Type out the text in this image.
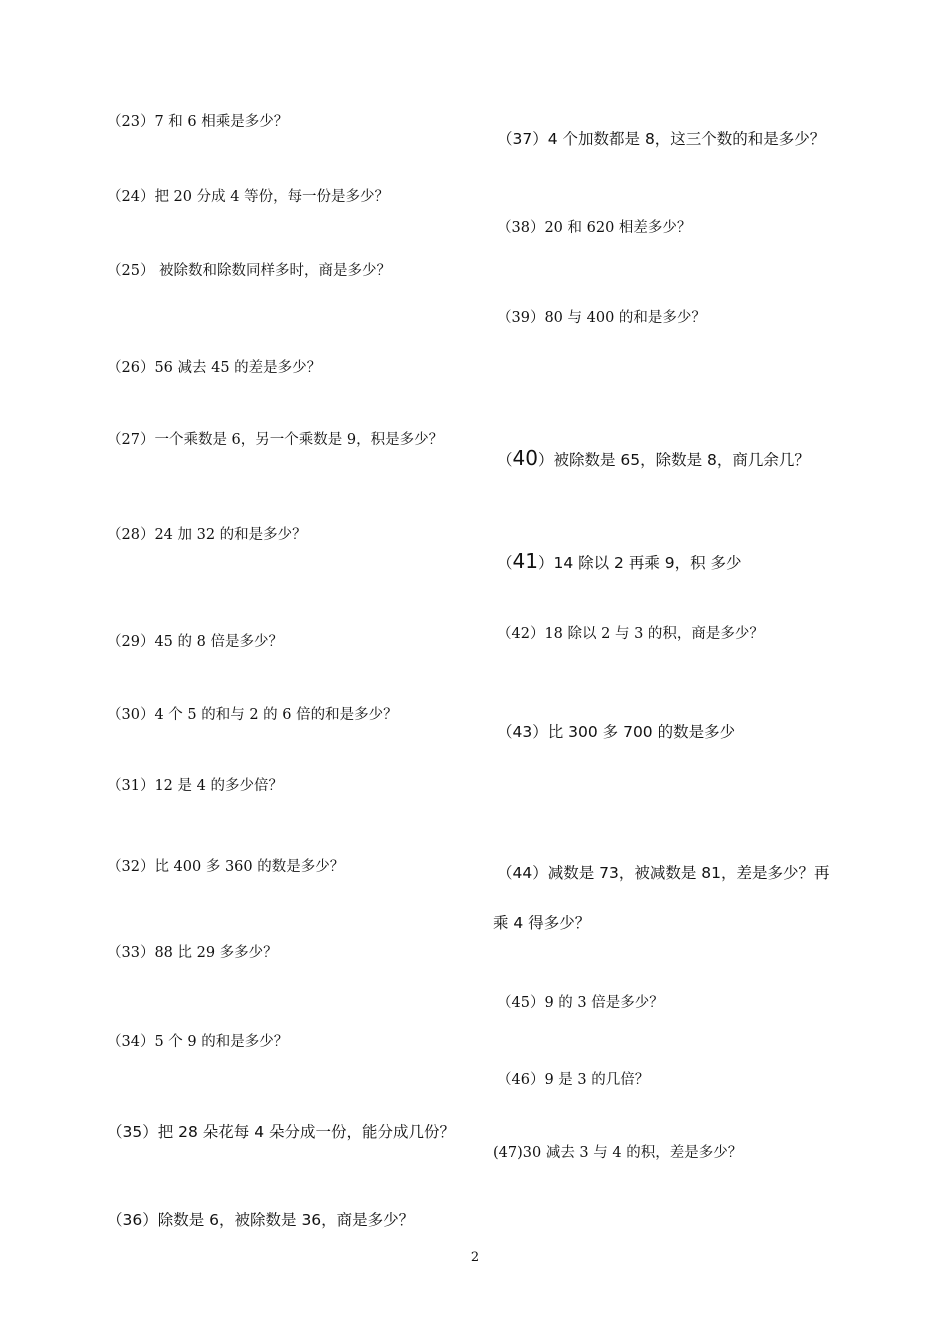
（23）7 和 6 相乘是多少？
（24）把 20 分成 4 等份，每一份是多少？
（25） 被除数和除数同样多时，商是多少？
（26）56 减去 45 的差是多少？
（27）一个乘数是 6，另一个乘数是 9，积是多少？
（28）24 加 32 的和是多少？
（29）45 的 8 倍是多少？
（30）4 个 5 的和与 2 的 6 倍的和是多少？
（31）12 是 4 的多少倍？
（32）比 400 多 360 的数是多少？
（33）88 比 29 多多少？
（34）5 个 9 的和是多少？
（35）把 28 朵花每 4 朵分成一份，能分成几份？
（36）除数是 6，被除数是 36，商是多少？
（37）4 个加数都是 8，这三个数的和是多少？
（38）20 和 620 相差多少？
（39）80 与 400 的和是多少？
（40）被除数是 65，除数是 8，商几余几？
（41）14 除以 2 再乘 9，积 多少
（42）18 除以 2 与 3 的积，商是多少？
（43）比 300 多 700 的数是多少
（44）减数是 73，被减数是 81，差是多少？再
乘 4 得多少？
（45）9 的 3 倍是多少？
（46）9 是 3 的几倍？
(47)30 减去 3 与 4 的积，差是多少？
2
